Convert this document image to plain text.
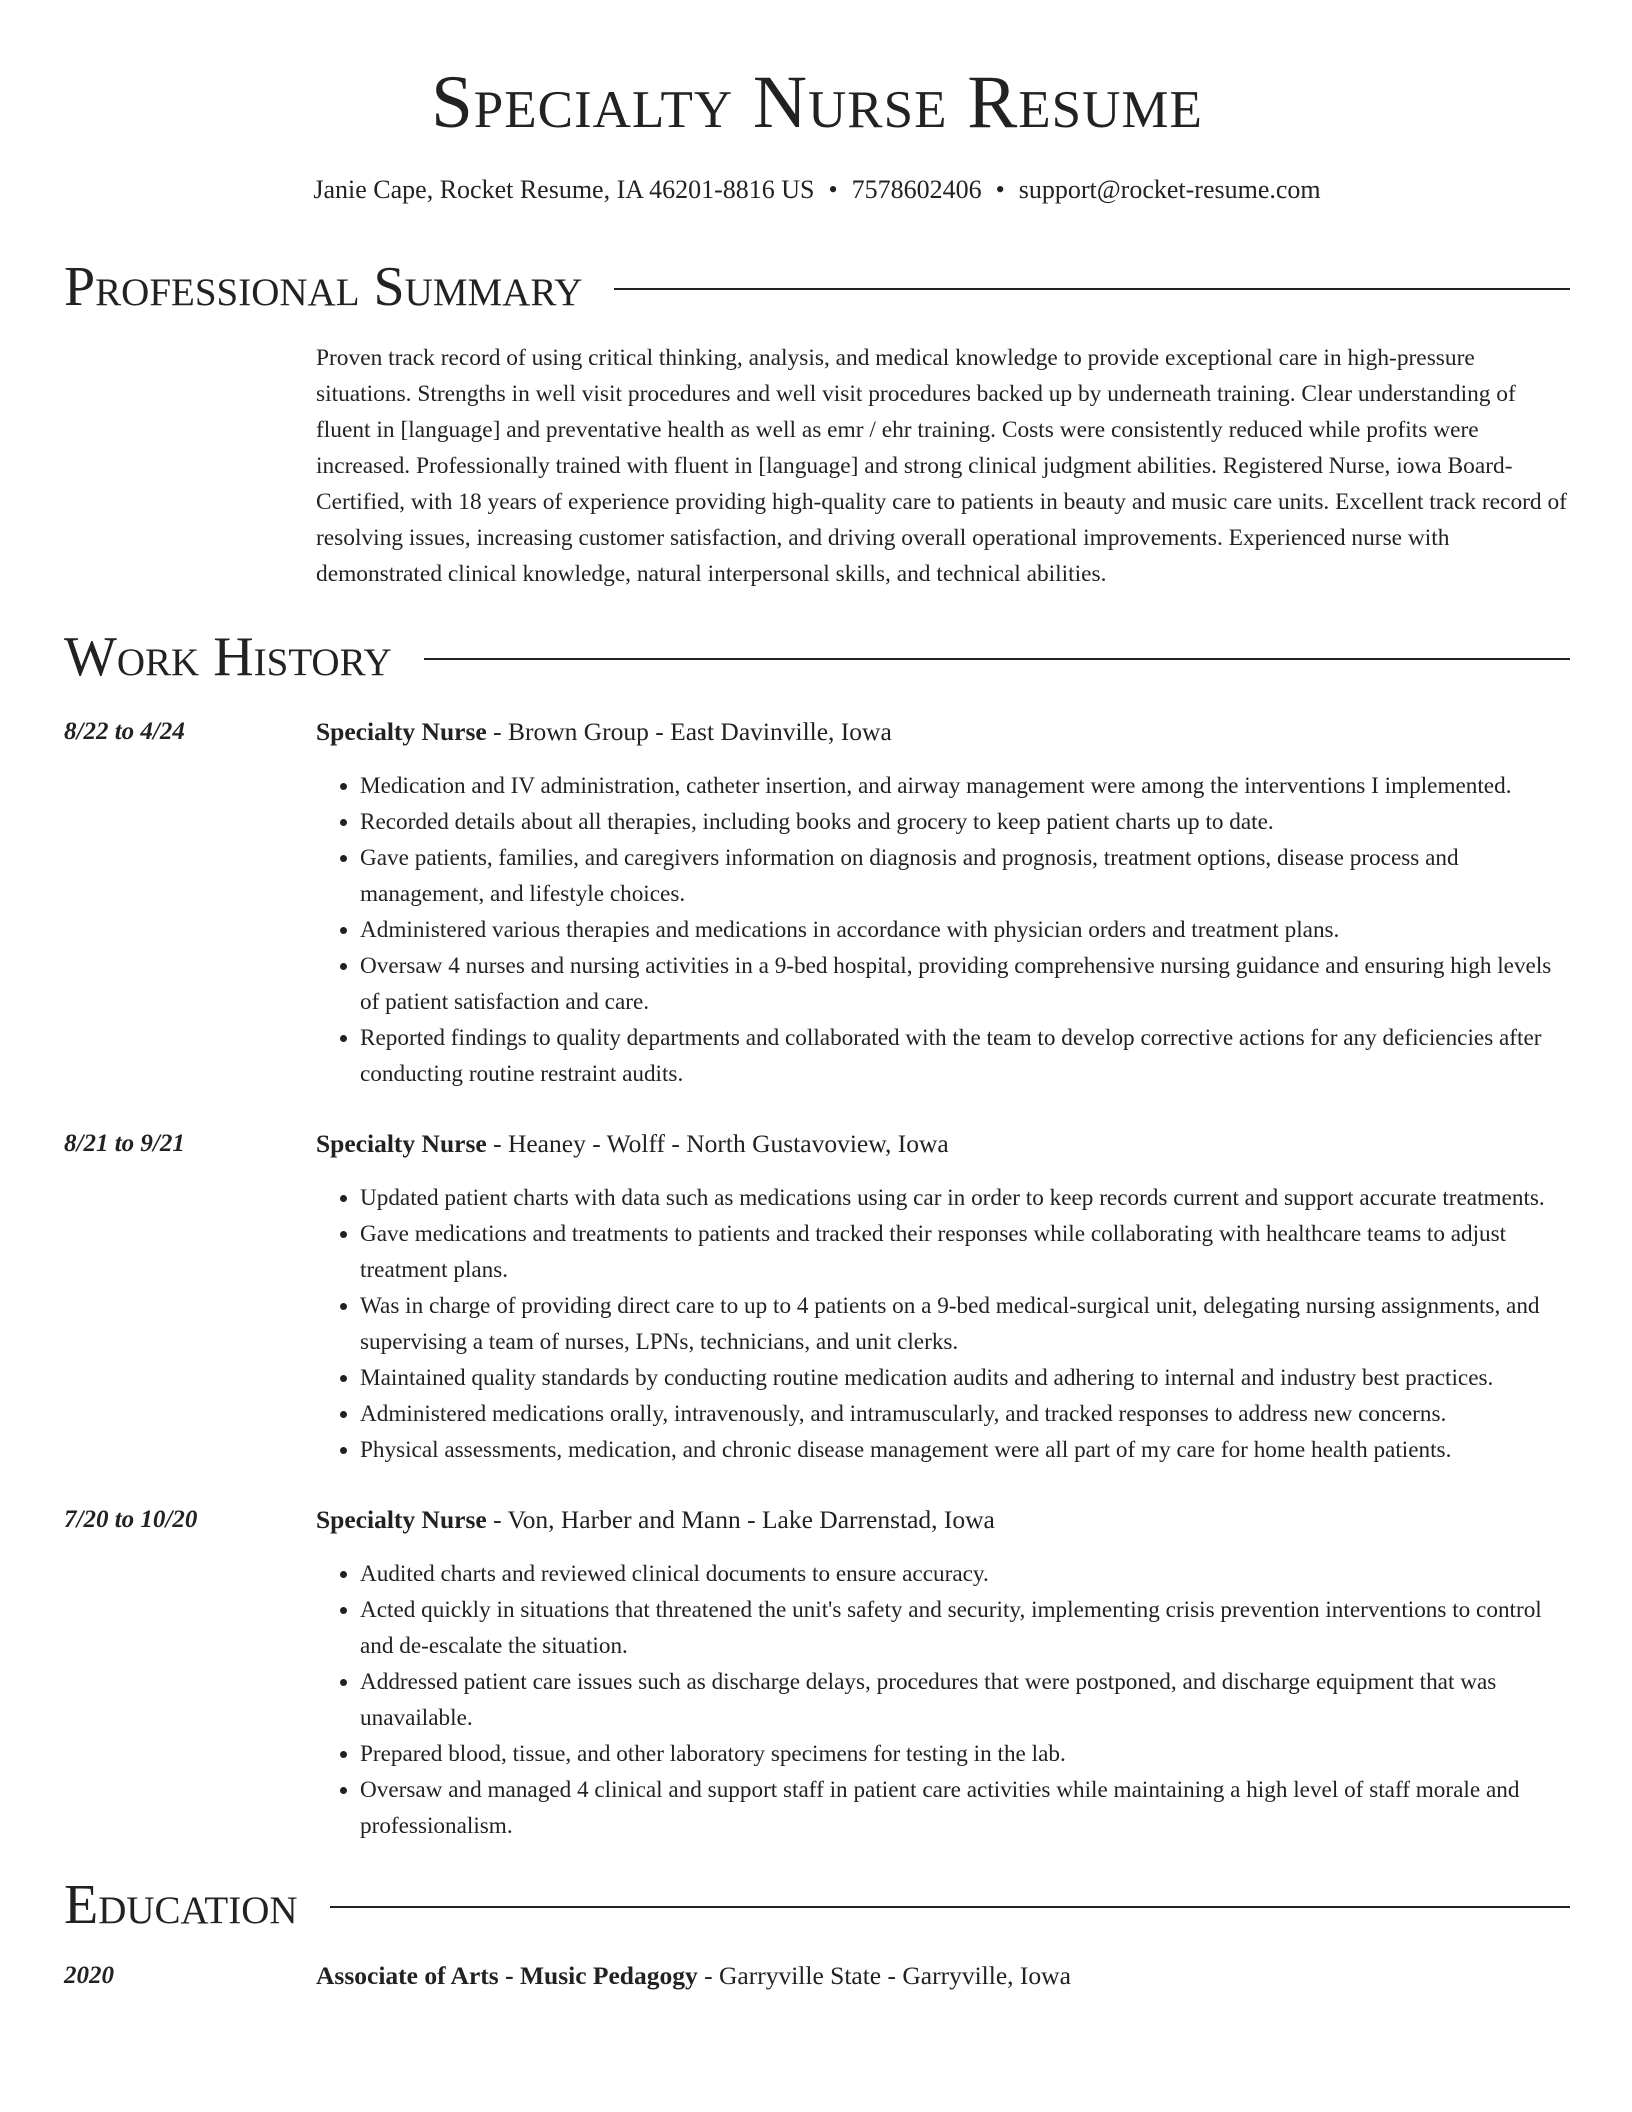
Specialty Nurse Resume
Janie Cape, Rocket Resume, IA 46201-8816 US • 7578602406 • support@rocket-resume.com
Professional Summary
Proven track record of using critical thinking, analysis, and medical knowledge to provide exceptional care in high-pressure situations. Strengths in well visit procedures and well visit procedures backed up by underneath training. Clear understanding of fluent in [language] and preventative health as well as emr / ehr training. Costs were consistently reduced while profits were increased. Professionally trained with fluent in [language] and strong clinical judgment abilities. Registered Nurse, iowa Board-Certified, with 18 years of experience providing high-quality care to patients in beauty and music care units. Excellent track record of resolving issues, increasing customer satisfaction, and driving overall operational improvements. Experienced nurse with demonstrated clinical knowledge, natural interpersonal skills, and technical abilities.
Work History
8/22 to 4/24	Specialty Nurse - Brown Group - East Davinville, Iowa
• Medication and IV administration, catheter insertion, and airway management were among the interventions I implemented.
• Recorded details about all therapies, including books and grocery to keep patient charts up to date.
• Gave patients, families, and caregivers information on diagnosis and prognosis, treatment options, disease process and management, and lifestyle choices.
• Administered various therapies and medications in accordance with physician orders and treatment plans.
• Oversaw 4 nurses and nursing activities in a 9-bed hospital, providing comprehensive nursing guidance and ensuring high levels of patient satisfaction and care.
• Reported findings to quality departments and collaborated with the team to develop corrective actions for any deficiencies after conducting routine restraint audits.
8/21 to 9/21	Specialty Nurse - Heaney - Wolff - North Gustavoview, Iowa
• Updated patient charts with data such as medications using car in order to keep records current and support accurate treatments.
• Gave medications and treatments to patients and tracked their responses while collaborating with healthcare teams to adjust treatment plans.
• Was in charge of providing direct care to up to 4 patients on a 9-bed medical-surgical unit, delegating nursing assignments, and supervising a team of nurses, LPNs, technicians, and unit clerks.
• Maintained quality standards by conducting routine medication audits and adhering to internal and industry best practices.
• Administered medications orally, intravenously, and intramuscularly, and tracked responses to address new concerns.
• Physical assessments, medication, and chronic disease management were all part of my care for home health patients.
7/20 to 10/20	Specialty Nurse - Von, Harber and Mann - Lake Darrenstad, Iowa
• Audited charts and reviewed clinical documents to ensure accuracy.
• Acted quickly in situations that threatened the unit's safety and security, implementing crisis prevention interventions to control and de-escalate the situation.
• Addressed patient care issues such as discharge delays, procedures that were postponed, and discharge equipment that was unavailable.
• Prepared blood, tissue, and other laboratory specimens for testing in the lab.
• Oversaw and managed 4 clinical and support staff in patient care activities while maintaining a high level of staff morale and professionalism.
Education
2020	Associate of Arts - Music Pedagogy - Garryville State - Garryville, Iowa
